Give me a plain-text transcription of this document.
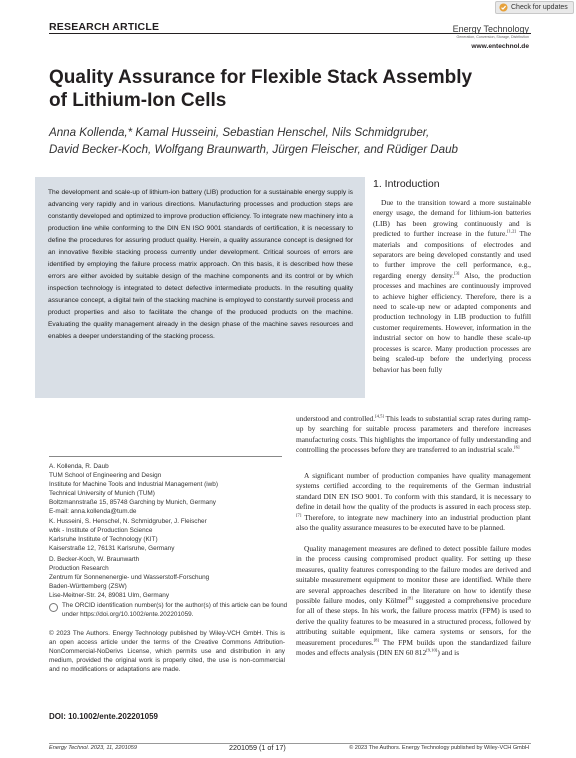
RESEARCH ARTICLE	Energy Technology
Generation, Conversion, Storage, Distribution
www.entechnol.de
Check for updates
Quality Assurance for Flexible Stack Assembly of Lithium-Ion Cells
Anna Kollenda,* Kamal Husseini, Sebastian Henschel, Nils Schmidgruber,
David Becker-Koch, Wolfgang Braunwarth, Jürgen Fleischer, and Rüdiger Daub

The development and scale-up of lithium-ion battery (LIB) production for a sustainable energy supply is advancing very rapidly and in various directions. Manufacturing processes and production steps are constantly developed and optimized to improve production efficiency. To integrate new machinery into a production line while conforming to the DIN EN ISO 9001 standards of certification, it is necessary to define the procedures for assuring product quality. Herein, a quality assurance concept is designed for an innovative flexible stacking process currently under development. Critical sources of errors are identified by employing the failure process matrix approach. On this basis, it is described how these errors are either avoided by suitable design of the machine components and its control or by which inspection technology is integrated to detect defective intermediate products. In the resulting quality assurance concept, a digital twin of the stacking machine is employed to constantly surveil process and product properties and also to facilitate the change of the produced products on the machine. Evaluating the quality management already in the design phase of the machine saves resources and enables a deeper understanding of the stacking process.

A. Kollenda, R. Daub
TUM School of Engineering and Design
Institute for Machine Tools and Industrial Management (iwb)
Technical University of Munich (TUM)
Boltzmannstraße 15, 85748 Garching by Munich, Germany
E-mail: anna.kollenda@tum.de
K. Husseini, S. Henschel, N. Schmidgruber, J. Fleischer
wbk - Institute of Production Science
Karlsruhe Institute of Technology (KIT)
Kaiserstraße 12, 76131 Karlsruhe, Germany
D. Becker-Koch, W. Braunwarth
Production Research
Zentrum für Sonnenenergie- und Wasserstoff-Forschung
Baden-Württemberg (ZSW)
Lise-Meitner-Str. 24, 89081 Ulm, Germany
The ORCID identification number(s) for the author(s) of this article can be found under https://doi.org/10.1002/ente.202201059.
© 2023 The Authors. Energy Technology published by Wiley-VCH GmbH. This is an open access article under the terms of the Creative Commons Attribution-NonCommercial-NoDerivs License, which permits use and distribution in any medium, provided the original work is properly cited, the use is non-commercial and no modifications or adaptations are made.
DOI: 10.1002/ente.202201059
1. Introduction

Due to the transition toward a more sustainable energy usage, the demand for lithium-ion batteries (LIB) has been growing continuously and is predicted to further increase in the future.[1,2] The materials and compositions of electrodes and separators are being developed constantly and used to further improve the cell performance, e.g., regarding energy density.[3] Also, the production processes and machines are continuously improved to achieve higher efficiency. Therefore, there is a need to scale-up new or adapted components and production technology in LIB production to fulfill customer requirements. However, information in the industrial sector on how to handle these scale-up processes is scarce. Many production processes are being scaled-up before the underlying process behavior has been fully

understood and controlled.[4,5] This leads to substantial scrap rates during ramp-up by searching for suitable process parameters and therefore increases manufacturing costs. This highlights the importance of fully understanding and controlling the processes before they are transferred to an industrial scale.[6]

A significant number of production companies have quality management systems certified according to the requirements of the German industrial standard DIN EN ISO 9001. To conform with this standard, it is necessary to define in detail how the quality of the products is assured in each process step.[7] Therefore, to integrate new machinery into an industrial production plant also the quality assurance measures to be executed have to be planned.

Quality management measures are defined to detect possible failure modes in the process causing compromised product quality. For setting up these measures, quality features corresponding to the failure modes are derived and suitable measurement equipment to monitor these are identified. While there are several approaches described in the literature on how to identify these possible failure modes, only Kölmel[8] suggested a comprehensive procedure for all of these steps. In his work, the failure process matrix (FPM) is used to derive the quality features to be measured in a structured process, followed by attributing suitable equipment, like camera systems or sensors, for the measurement procedures.[8] The FPM builds upon the standardized failure modes and effects analysis (DIN EN 60 812[9,10]) and is

Energy Technol. 2023, 11, 2201059	2201059 (1 of 17)	© 2023 The Authors. Energy Technology published by Wiley-VCH GmbH
